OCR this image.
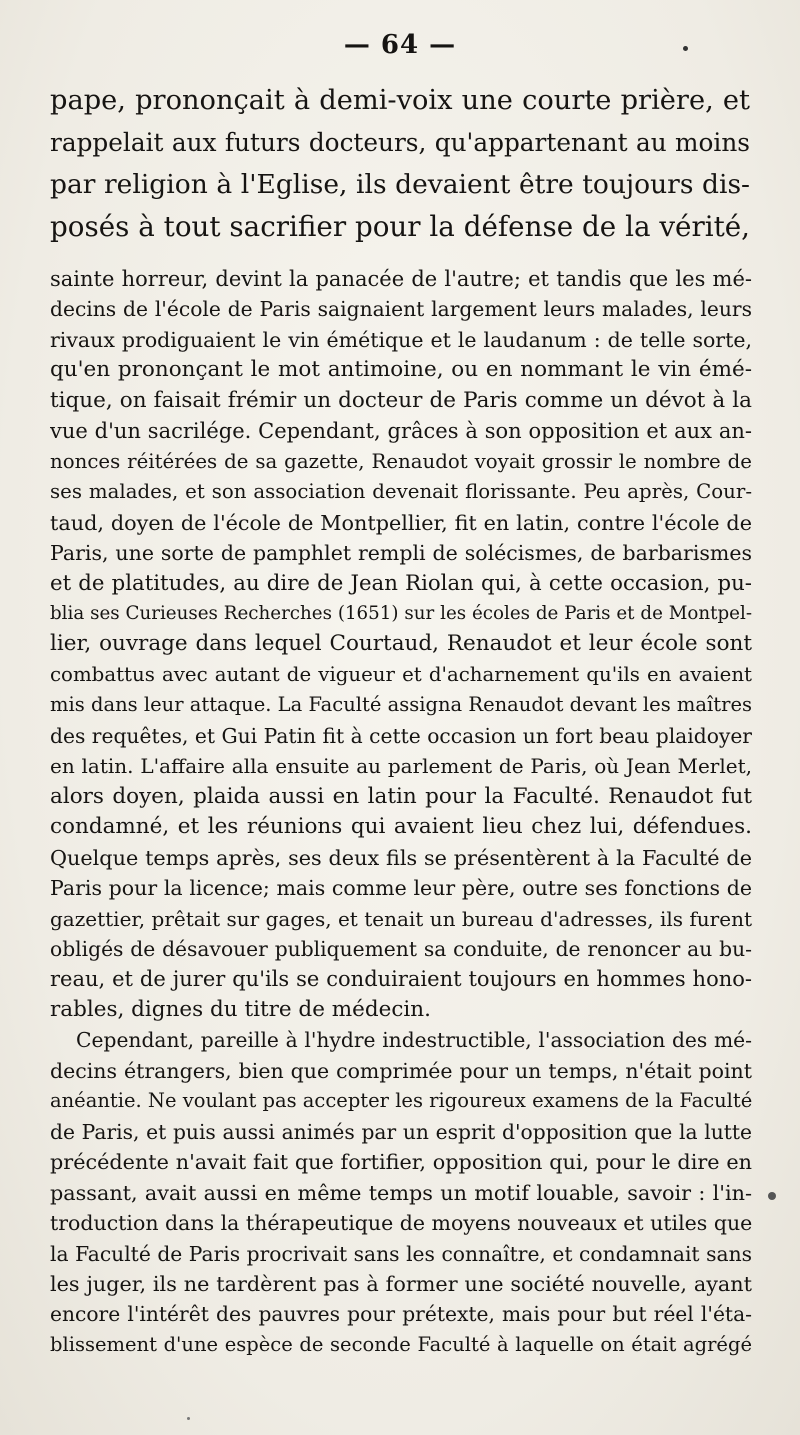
— 64 —
pape, prononçait à demi-voix une courte prière, et
rappelait aux futurs docteurs, qu'appartenant au moins
par religion à l'Eglise, ils devaient être toujours dis-
posés à tout sacrifier pour la défense de la vérité,
sainte horreur, devint la panacée de l'autre; et tandis que les mé-
decins de l'école de Paris saignaient largement leurs malades, leurs
rivaux prodiguaient le vin émétique et le laudanum : de telle sorte,
qu'en prononçant le mot antimoine, ou en nommant le vin émé-
tique, on faisait frémir un docteur de Paris comme un dévot à la
vue d'un sacrilége. Cependant, grâces à son opposition et aux an-
nonces réitérées de sa gazette, Renaudot voyait grossir le nombre de
ses malades, et son association devenait florissante. Peu après, Cour-
taud, doyen de l'école de Montpellier, fit en latin, contre l'école de
Paris, une sorte de pamphlet rempli de solécismes, de barbarismes
et de platitudes, au dire de Jean Riolan qui, à cette occasion, pu-
blia ses Curieuses Recherches (1651) sur les écoles de Paris et de Montpel-
lier, ouvrage dans lequel Courtaud, Renaudot et leur école sont
combattus avec autant de vigueur et d'acharnement qu'ils en avaient
mis dans leur attaque. La Faculté assigna Renaudot devant les maîtres
des requêtes, et Gui Patin fit à cette occasion un fort beau plaidoyer
en latin. L'affaire alla ensuite au parlement de Paris, où Jean Merlet,
alors doyen, plaida aussi en latin pour la Faculté. Renaudot fut
condamné, et les réunions qui avaient lieu chez lui, défendues.
Quelque temps après, ses deux fils se présentèrent à la Faculté de
Paris pour la licence; mais comme leur père, outre ses fonctions de
gazettier, prêtait sur gages, et tenait un bureau d'adresses, ils furent
obligés de désavouer publiquement sa conduite, de renoncer au bu-
reau, et de jurer qu'ils se conduiraient toujours en hommes hono-
rables, dignes du titre de médecin.
Cependant, pareille à l'hydre indestructible, l'association des mé-
decins étrangers, bien que comprimée pour un temps, n'était point
anéantie. Ne voulant pas accepter les rigoureux examens de la Faculté
de Paris, et puis aussi animés par un esprit d'opposition que la lutte
précédente n'avait fait que fortifier, opposition qui, pour le dire en
passant, avait aussi en même temps un motif louable, savoir : l'in-
troduction dans la thérapeutique de moyens nouveaux et utiles que
la Faculté de Paris procrivait sans les connaître, et condamnait sans
les juger, ils ne tardèrent pas à former une société nouvelle, ayant
encore l'intérêt des pauvres pour prétexte, mais pour but réel l'éta-
blissement d'une espèce de seconde Faculté à laquelle on était agrégé
